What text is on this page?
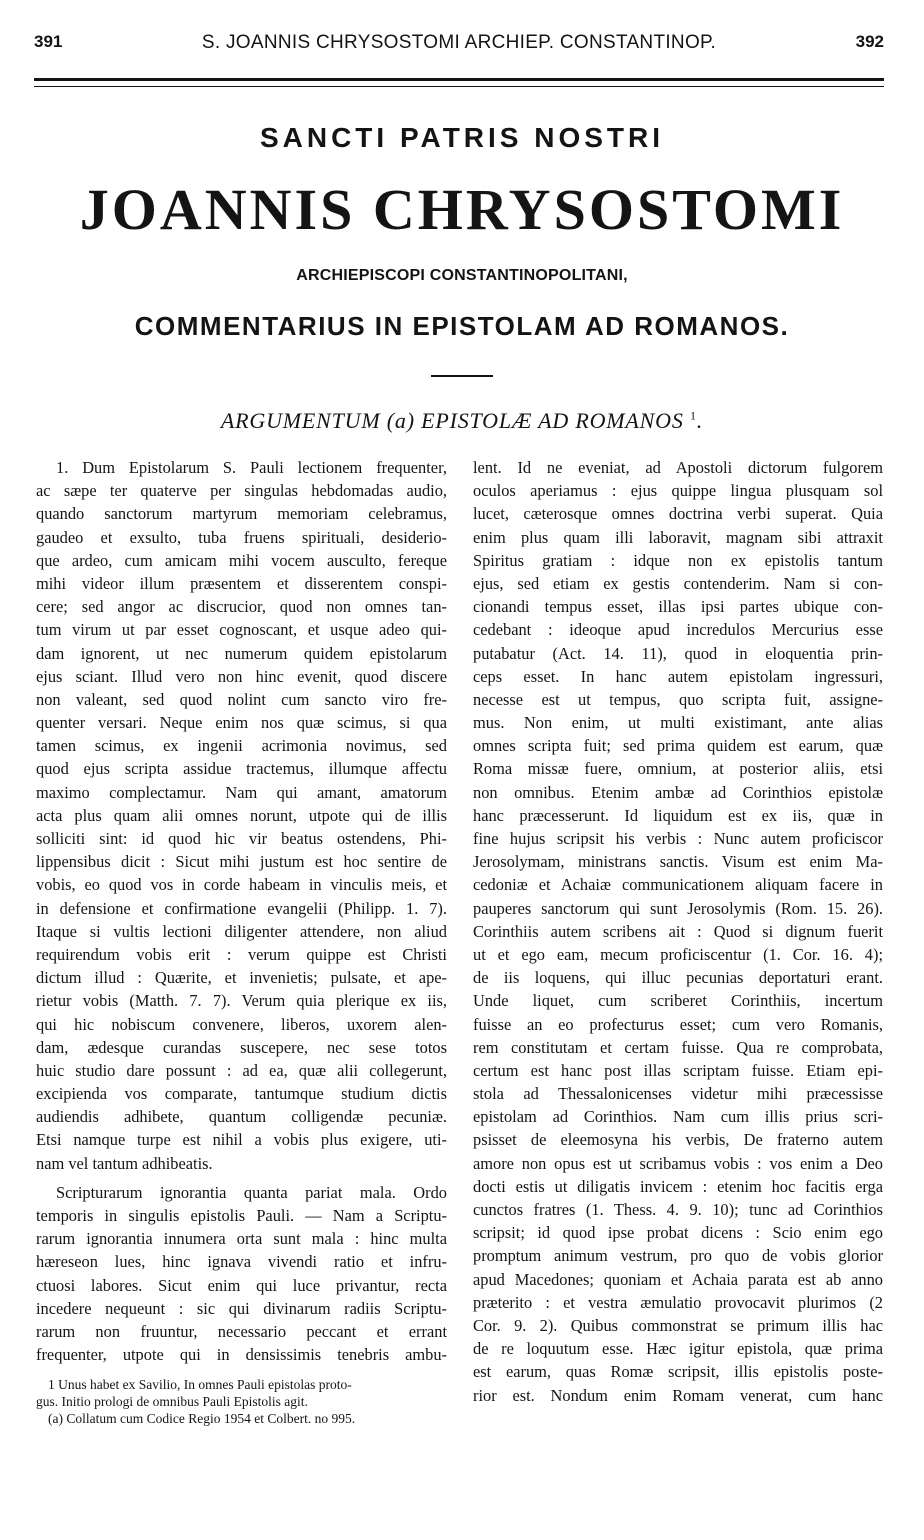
391	S. JOANNIS CHRYSOSTOMI ARCHIEP. CONSTANTINOP.	392
SANCTI PATRIS NOSTRI
JOANNIS CHRYSOSTOMI
ARCHIEPISCOPI CONSTANTINOPOLITANI,
COMMENTARIUS IN EPISTOLAM AD ROMANOS.
ARGUMENTUM (a) EPISTOLÆ AD ROMANOS $^1$.
1. Dum Epistolarum S. Pauli lectionem frequenter,
ac sæpe ter quaterve per singulas hebdomadas audio,
quando sanctorum martyrum memoriam celebramus,
gaudeo et exsulto, tuba fruens spirituali, desiderio-
que ardeo, cum amicam mihi vocem ausculto, fereque
mihi videor illum præsentem et disserentem conspi-
cere; sed angor ac discrucior, quod non omnes tan-
tum virum ut par esset cognoscant, et usque adeo qui-
dam ignorent, ut nec numerum quidem epistolarum
ejus sciant. Illud vero non hinc evenit, quod discere
non valeant, sed quod nolint cum sancto viro fre-
quenter versari. Neque enim nos quæ scimus, si qua
tamen scimus, ex ingenii acrimonia novimus, sed
quod ejus scripta assidue tractemus, illumque affectu
maximo complectamur. Nam qui amant, amatorum
acta plus quam alii omnes norunt, utpote qui de illis
solliciti sint: id quod hic vir beatus ostendens, Phi-
lippensibus dicit : Sicut mihi justum est hoc sentire de
vobis, eo quod vos in corde habeam in vinculis meis, et
in defensione et confirmatione evangelii (Philipp. 1. 7).
Itaque si vultis lectioni diligenter attendere, non aliud
requirendum vobis erit : verum quippe est Christi
dictum illud : Quærite, et invenietis; pulsate, et ape-
rietur vobis (Matth. 7. 7). Verum quia plerique ex iis,
qui hic nobiscum convenere, liberos, uxorem alen-
dam, ædesque curandas suscepere, nec sese totos
huic studio dare possunt : ad ea, quæ alii collegerunt,
excipienda vos comparate, tantumque studium dictis
audiendis adhibete, quantum colligendæ pecuniæ.
Etsi namque turpe est nihil a vobis plus exigere, uti-
nam vel tantum adhibeatis.
Scripturarum ignorantia quanta pariat mala. Ordo
temporis in singulis epistolis Pauli. — Nam a Scriptu-
rarum ignorantia innumera orta sunt mala : hinc multa
hæreseon lues, hinc ignava vivendi ratio et infru-
ctuosi labores. Sicut enim qui luce privantur, recta
incedere nequeunt : sic qui divinarum radiis Scriptu-
rarum non fruuntur, necessario peccant et errant
frequenter, utpote qui in densissimis tenebris ambu-
lent. Id ne eveniat, ad Apostoli dictorum fulgorem
oculos aperiamus : ejus quippe lingua plusquam sol
lucet, cæterosque omnes doctrina verbi superat. Quia
enim plus quam illi laboravit, magnam sibi attraxit
Spiritus gratiam : idque non ex epistolis tantum
ejus, sed etiam ex gestis contenderim. Nam si con-
cionandi tempus esset, illas ipsi partes ubique con-
cedebant : ideoque apud incredulos Mercurius esse
putabatur (Act. 14. 11), quod in eloquentia prin-
ceps esset. In hanc autem epistolam ingressuri,
necesse est ut tempus, quo scripta fuit, assigne-
mus. Non enim, ut multi existimant, ante alias
omnes scripta fuit; sed prima quidem est earum, quæ
Roma missæ fuere, omnium, at posterior aliis, etsi
non omnibus. Etenim ambæ ad Corinthios epistolæ
hanc præcesserunt. Id liquidum est ex iis, quæ in
fine hujus scripsit his verbis : Nunc autem proficiscor
Jerosolymam, ministrans sanctis. Visum est enim Ma-
cedoniæ et Achaiæ communicationem aliquam facere in
pauperes sanctorum qui sunt Jerosolymis (Rom. 15. 26).
Corinthiis autem scribens ait : Quod si dignum fuerit
ut et ego eam, mecum proficiscentur (1. Cor. 16. 4);
de iis loquens, qui illuc pecunias deportaturi erant.
Unde liquet, cum scriberet Corinthiis, incertum
fuisse an eo profecturus esset; cum vero Romanis,
rem constitutam et certam fuisse. Qua re comprobata,
certum est hanc post illas scriptam fuisse. Etiam epi-
stola ad Thessalonicenses videtur mihi præcessisse
epistolam ad Corinthios. Nam cum illis prius scri-
psisset de eleemosyna his verbis, De fraterno autem
amore non opus est ut scribamus vobis : vos enim a Deo
docti estis ut diligatis invicem : etenim hoc facitis erga
cunctos fratres (1. Thess. 4. 9. 10); tunc ad Corinthios
scripsit; id quod ipse probat dicens : Scio enim ego
promptum animum vestrum, pro quo de vobis glorior
apud Macedones; quoniam et Achaia parata est ab anno
præterito : et vestra æmulatio provocavit plurimos (2
Cor. 9. 2). Quibus commonstrat se primum illis hac
de re loquutum esse. Hæc igitur epistola, quæ prima
est earum, quas Romæ scripsit, illis epistolis poste-
rior est. Nondum enim Romam venerat, cum hanc
1 Unus habet ex Savilio, In omnes Pauli epistolas proto-
gus. Initio prologi de omnibus Pauli Epistolis agit.
(a) Collatum cum Codice Regio 1954 et Colbert. no 995.
